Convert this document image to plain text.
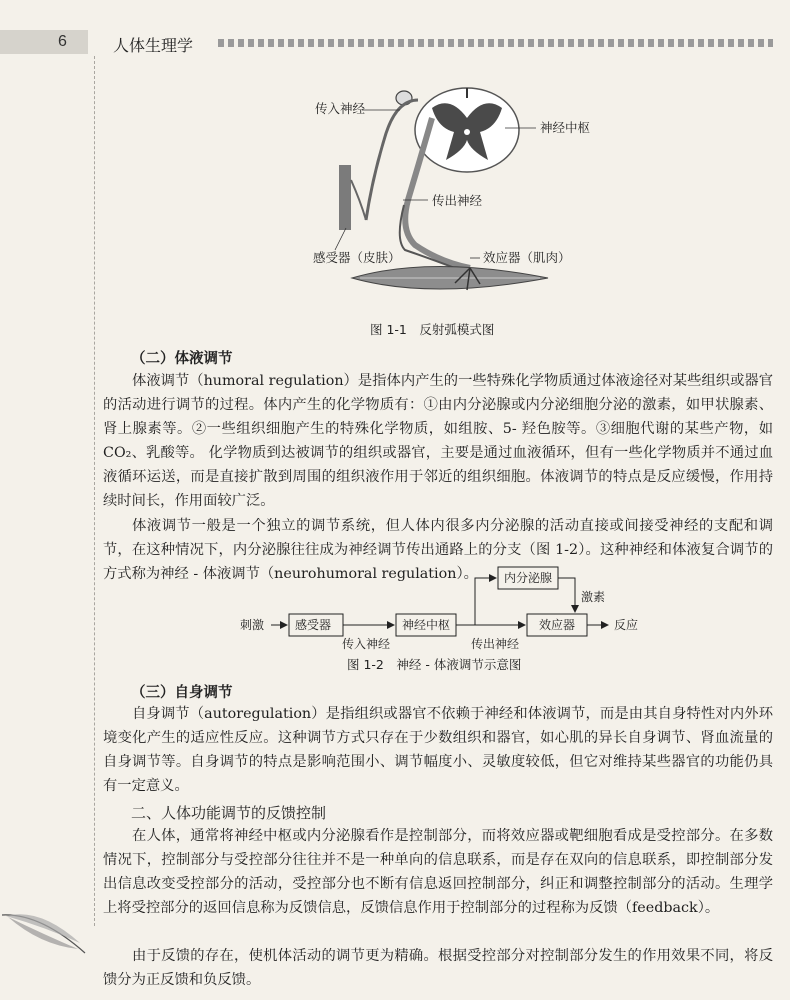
6	人体生理学
传入神经
神经中枢
传出神经
感受器（皮肤）	效应器（肌肉）
图 1-1　反射弧模式图
（二）体液调节

体液调节（humoral regulation）是指体内产生的一些特殊化学物质通过体液途径对某些组织或器官的活动进行调节的过程。体内产生的化学物质有：①由内分泌腺或内分泌细胞分泌的激素，如甲状腺素、肾上腺素等。②一些组织细胞产生的特殊化学物质，如组胺、5- 羟色胺等。③细胞代谢的某些产物，如 CO₂、乳酸等。 化学物质到达被调节的组织或器官，主要是通过血液循环，但有一些化学物质并不通过血液循环运送，而是直接扩散到周围的组织液作用于邻近的组织细胞。体液调节的特点是反应缓慢，作用持续时间长，作用面较广泛。

体液调节一般是一个独立的调节系统，但人体内很多内分泌腺的活动直接或间接受神经的支配和调节，在这种情况下，内分泌腺往往成为神经调节传出通路上的分支（图 1-2）。这种神经和体液复合调节的方式称为神经 - 体液调节（neurohumoral regulation）。

刺激	感受器
传入神经
神经中枢
传出神经
效应器	反应
内分泌腺
激素
图 1-2　神经 - 体液调节示意图
（三）自身调节

自身调节（autoregulation）是指组织或器官不依赖于神经和体液调节，而是由其自身特性对内外环境变化产生的适应性反应。这种调节方式只存在于少数组织和器官，如心肌的异长自身调节、肾血流量的自身调节等。自身调节的特点是影响范围小、调节幅度小、灵敏度较低，但它对维持某些器官的功能仍具有一定意义。

二、人体功能调节的反馈控制

在人体，通常将神经中枢或内分泌腺看作是控制部分，而将效应器或靶细胞看成是受控部分。在多数情况下，控制部分与受控部分往往并不是一种单向的信息联系，而是存在双向的信息联系，即控制部分发出信息改变受控部分的活动，受控部分也不断有信息返回控制部分，纠正和调整控制部分的活动。生理学上将受控部分的返回信息称为反馈信息，反馈信息作用于控制部分的过程称为反馈（feedback）。

由于反馈的存在，使机体活动的调节更为精确。根据受控部分对控制部分发生的作用效果不同，将反馈分为正反馈和负反馈。
